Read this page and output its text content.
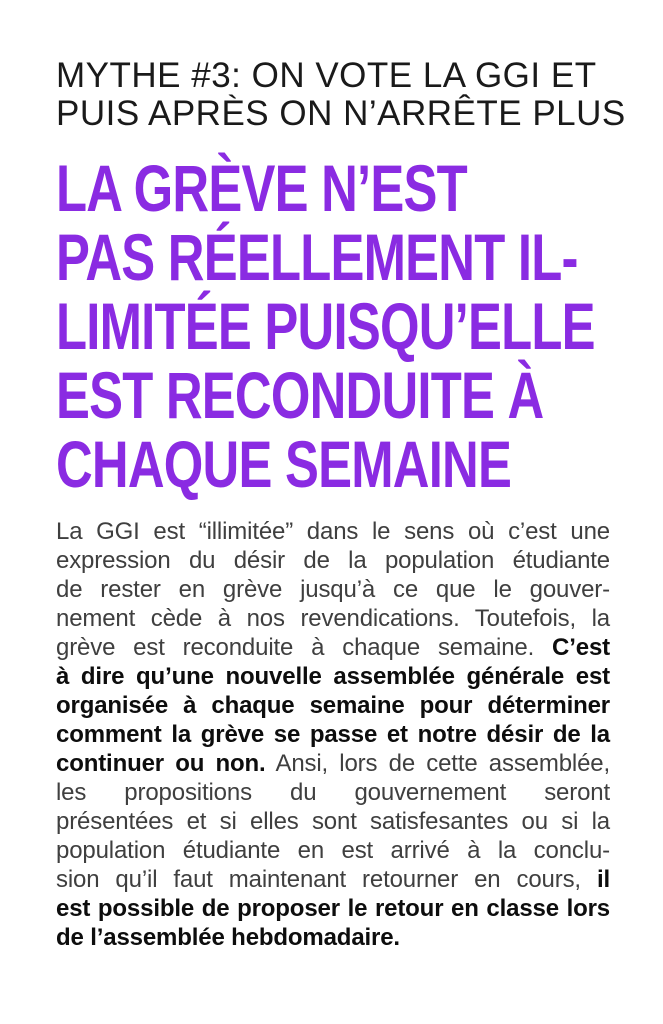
MYTHE #3: ON VOTE LA GGI ET
PUIS APRÈS ON N’ARRÊTE PLUS
LA GRÈVE N’EST
PAS RÉELLEMENT IL-
LIMITÉE PUISQU’ELLE
EST RECONDUITE À
CHAQUE SEMAINE
La GGI est “illimitée” dans le sens où c’est une
expression du désir de la population étudiante
de rester en grève jusqu’à ce que le gouver-
nement cède à nos revendications. Toutefois, la
grève est reconduite à chaque semaine. C’est
à dire qu’une nouvelle assemblée générale est
organisée à chaque semaine pour déterminer
comment la grève se passe et notre désir de la
continuer ou non. Ansi, lors de cette assemblée,
les propositions du gouvernement seront
présentées et si elles sont satisfesantes ou si la
population étudiante en est arrivé à la conclu-
sion qu’il faut maintenant retourner en cours, il
est possible de proposer le retour en classe lors
de l’assemblée hebdomadaire.
